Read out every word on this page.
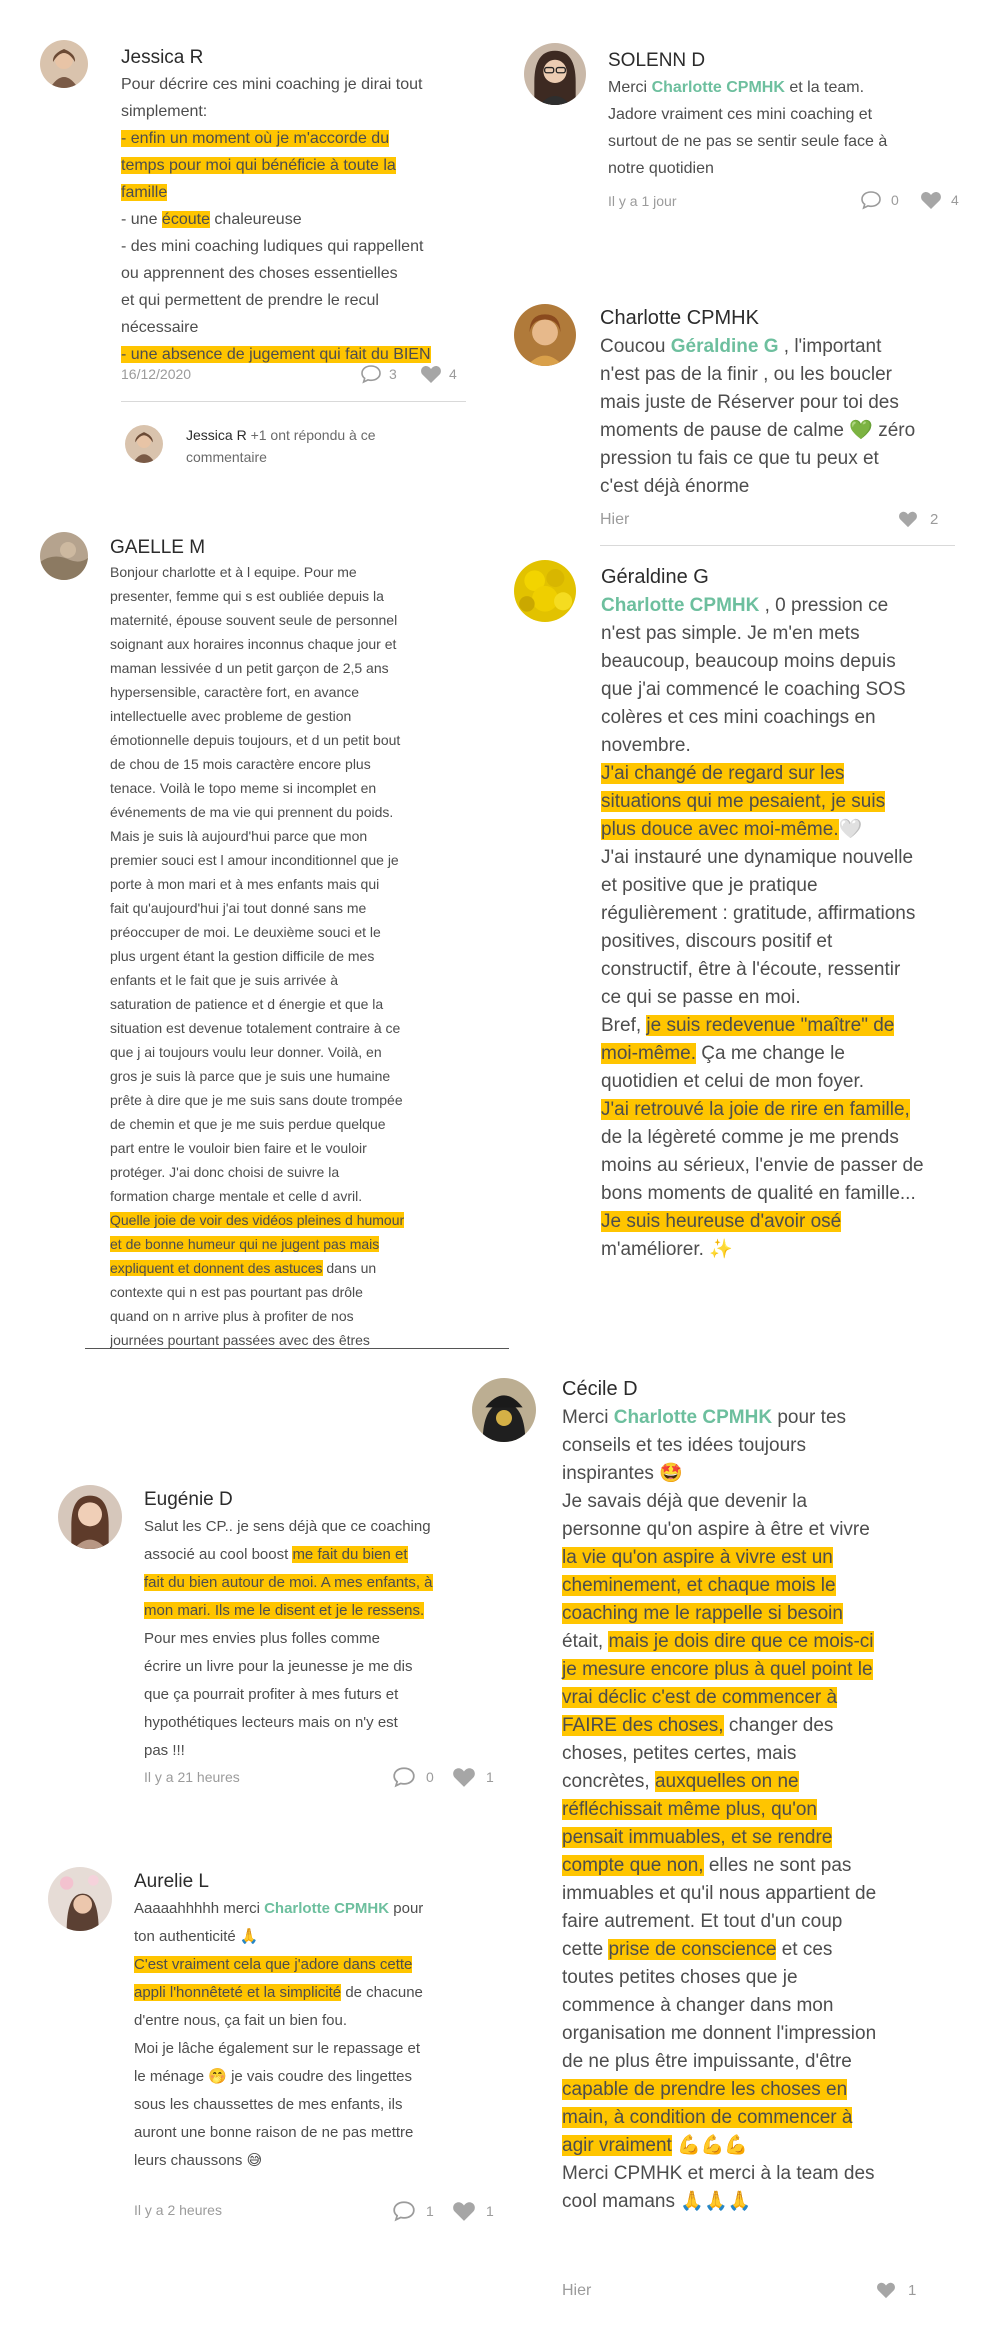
Jessica R
Pour décrire ces mini coaching je dirai tout
simplement:
- enfin un moment où je m'accorde du
temps pour moi qui bénéficie à toute la
famille
- une écoute chaleureuse
- des mini coaching ludiques qui rappellent
ou apprennent des choses essentielles
et qui permettent de prendre le recul
nécessaire
- une absence de jugement qui fait du BIEN
16/12/2020	3	4
Jessica R +1 ont répondu à ce
commentaire
SOLENN D
Merci Charlotte CPMHK et la team.
Jadore vraiment ces mini coaching et
surtout de ne pas se sentir seule face à
notre quotidien
Il y a 1 jour	0	4
Charlotte CPMHK
Coucou Géraldine G , l'important
n'est pas de la finir , ou les boucler
mais juste de Réserver pour toi des
moments de pause de calme 💚 zéro
pression tu fais ce que tu peux et
c'est déjà énorme
Hier	2
GAELLE M
Bonjour charlotte et à l equipe. Pour me
presenter, femme qui s est oubliée depuis la
maternité, épouse souvent seule de personnel
soignant aux horaires inconnus chaque jour et
maman lessivée d un petit garçon de 2,5 ans
hypersensible, caractère fort, en avance
intellectuelle avec probleme de gestion
émotionnelle depuis toujours, et d un petit bout
de chou de 15 mois caractère encore plus
tenace. Voilà le topo meme si incomplet en
événements de ma vie qui prennent du poids.
Mais je suis là aujourd'hui parce que mon
premier souci est l amour inconditionnel que je
porte à mon mari et à mes enfants mais qui
fait qu'aujourd'hui j'ai tout donné sans me
préoccuper de moi. Le deuxième souci et le
plus urgent étant la gestion difficile de mes
enfants et le fait que je suis arrivée à
saturation de patience et d énergie et que la
situation est devenue totalement contraire à ce
que j ai toujours voulu leur donner. Voilà, en
gros je suis là parce que je suis une humaine
prête à dire que je me suis sans doute trompée
de chemin et que je me suis perdue quelque
part entre le vouloir bien faire et le vouloir
protéger. J'ai donc choisi de suivre la
formation charge mentale et celle d avril.
Quelle joie de voir des vidéos pleines d humour
et de bonne humeur qui ne jugent pas mais
expliquent et donnent des astuces dans un
contexte qui n est pas pourtant pas drôle
quand on n arrive plus à profiter de nos
journées pourtant passées avec des êtres
Géraldine G
Charlotte CPMHK , 0 pression ce
n'est pas simple. Je m'en mets
beaucoup, beaucoup moins depuis
que j'ai commencé le coaching SOS
colères et ces mini coachings en
novembre.
J'ai changé de regard sur les
situations qui me pesaient, je suis
plus douce avec moi-même.🤍
J'ai instauré une dynamique nouvelle
et positive que je pratique
régulièrement : gratitude, affirmations
positives, discours positif et
constructif, être à l'écoute, ressentir
ce qui se passe en moi.
Bref, je suis redevenue "maître" de
moi-même. Ça me change le
quotidien et celui de mon foyer.
J'ai retrouvé la joie de rire en famille,
de la légèreté comme je me prends
moins au sérieux, l'envie de passer de
bons moments de qualité en famille...
Je suis heureuse d'avoir osé
m'améliorer. ✨
Cécile D
Merci Charlotte CPMHK pour tes
conseils et tes idées toujours
inspirantes 🤩
Je savais déjà que devenir la
personne qu'on aspire à être et vivre
la vie qu'on aspire à vivre est un
cheminement, et chaque mois le
coaching me le rappelle si besoin
était, mais je dois dire que ce mois-ci
je mesure encore plus à quel point le
vrai déclic c'est de commencer à
FAIRE des choses, changer des
choses, petites certes, mais
concrètes, auxquelles on ne
réfléchissait même plus, qu'on
pensait immuables, et se rendre
compte que non, elles ne sont pas
immuables et qu'il nous appartient de
faire autrement. Et tout d'un coup
cette prise de conscience et ces
toutes petites choses que je
commence à changer dans mon
organisation me donnent l'impression
de ne plus être impuissante, d'être
capable de prendre les choses en
main, à condition de commencer à
agir vraiment 💪💪💪
Merci CPMHK et merci à la team des
cool mamans 🙏🙏🙏
Hier	1
Eugénie D
Salut les CP.. je sens déjà que ce coaching
associé au cool boost me fait du bien et
fait du bien autour de moi. A mes enfants, à
mon mari. Ils me le disent et je le ressens.
Pour mes envies plus folles comme
écrire un livre pour la jeunesse je me dis
que ça pourrait profiter à mes futurs et
hypothétiques lecteurs mais on n'y est
pas !!!
Il y a 21 heures	0	1
Aurelie L
Aaaaahhhhh merci Charlotte CPMHK pour
ton authenticité 🙏
C'est vraiment cela que j'adore dans cette
appli l'honnêteté et la simplicité de chacune
d'entre nous, ça fait un bien fou.
Moi je lâche également sur le repassage et
le ménage 🤭 je vais coudre des lingettes
sous les chaussettes de mes enfants, ils
auront une bonne raison de ne pas mettre
leurs chaussons 😅
Il y a 2 heures	1	1
